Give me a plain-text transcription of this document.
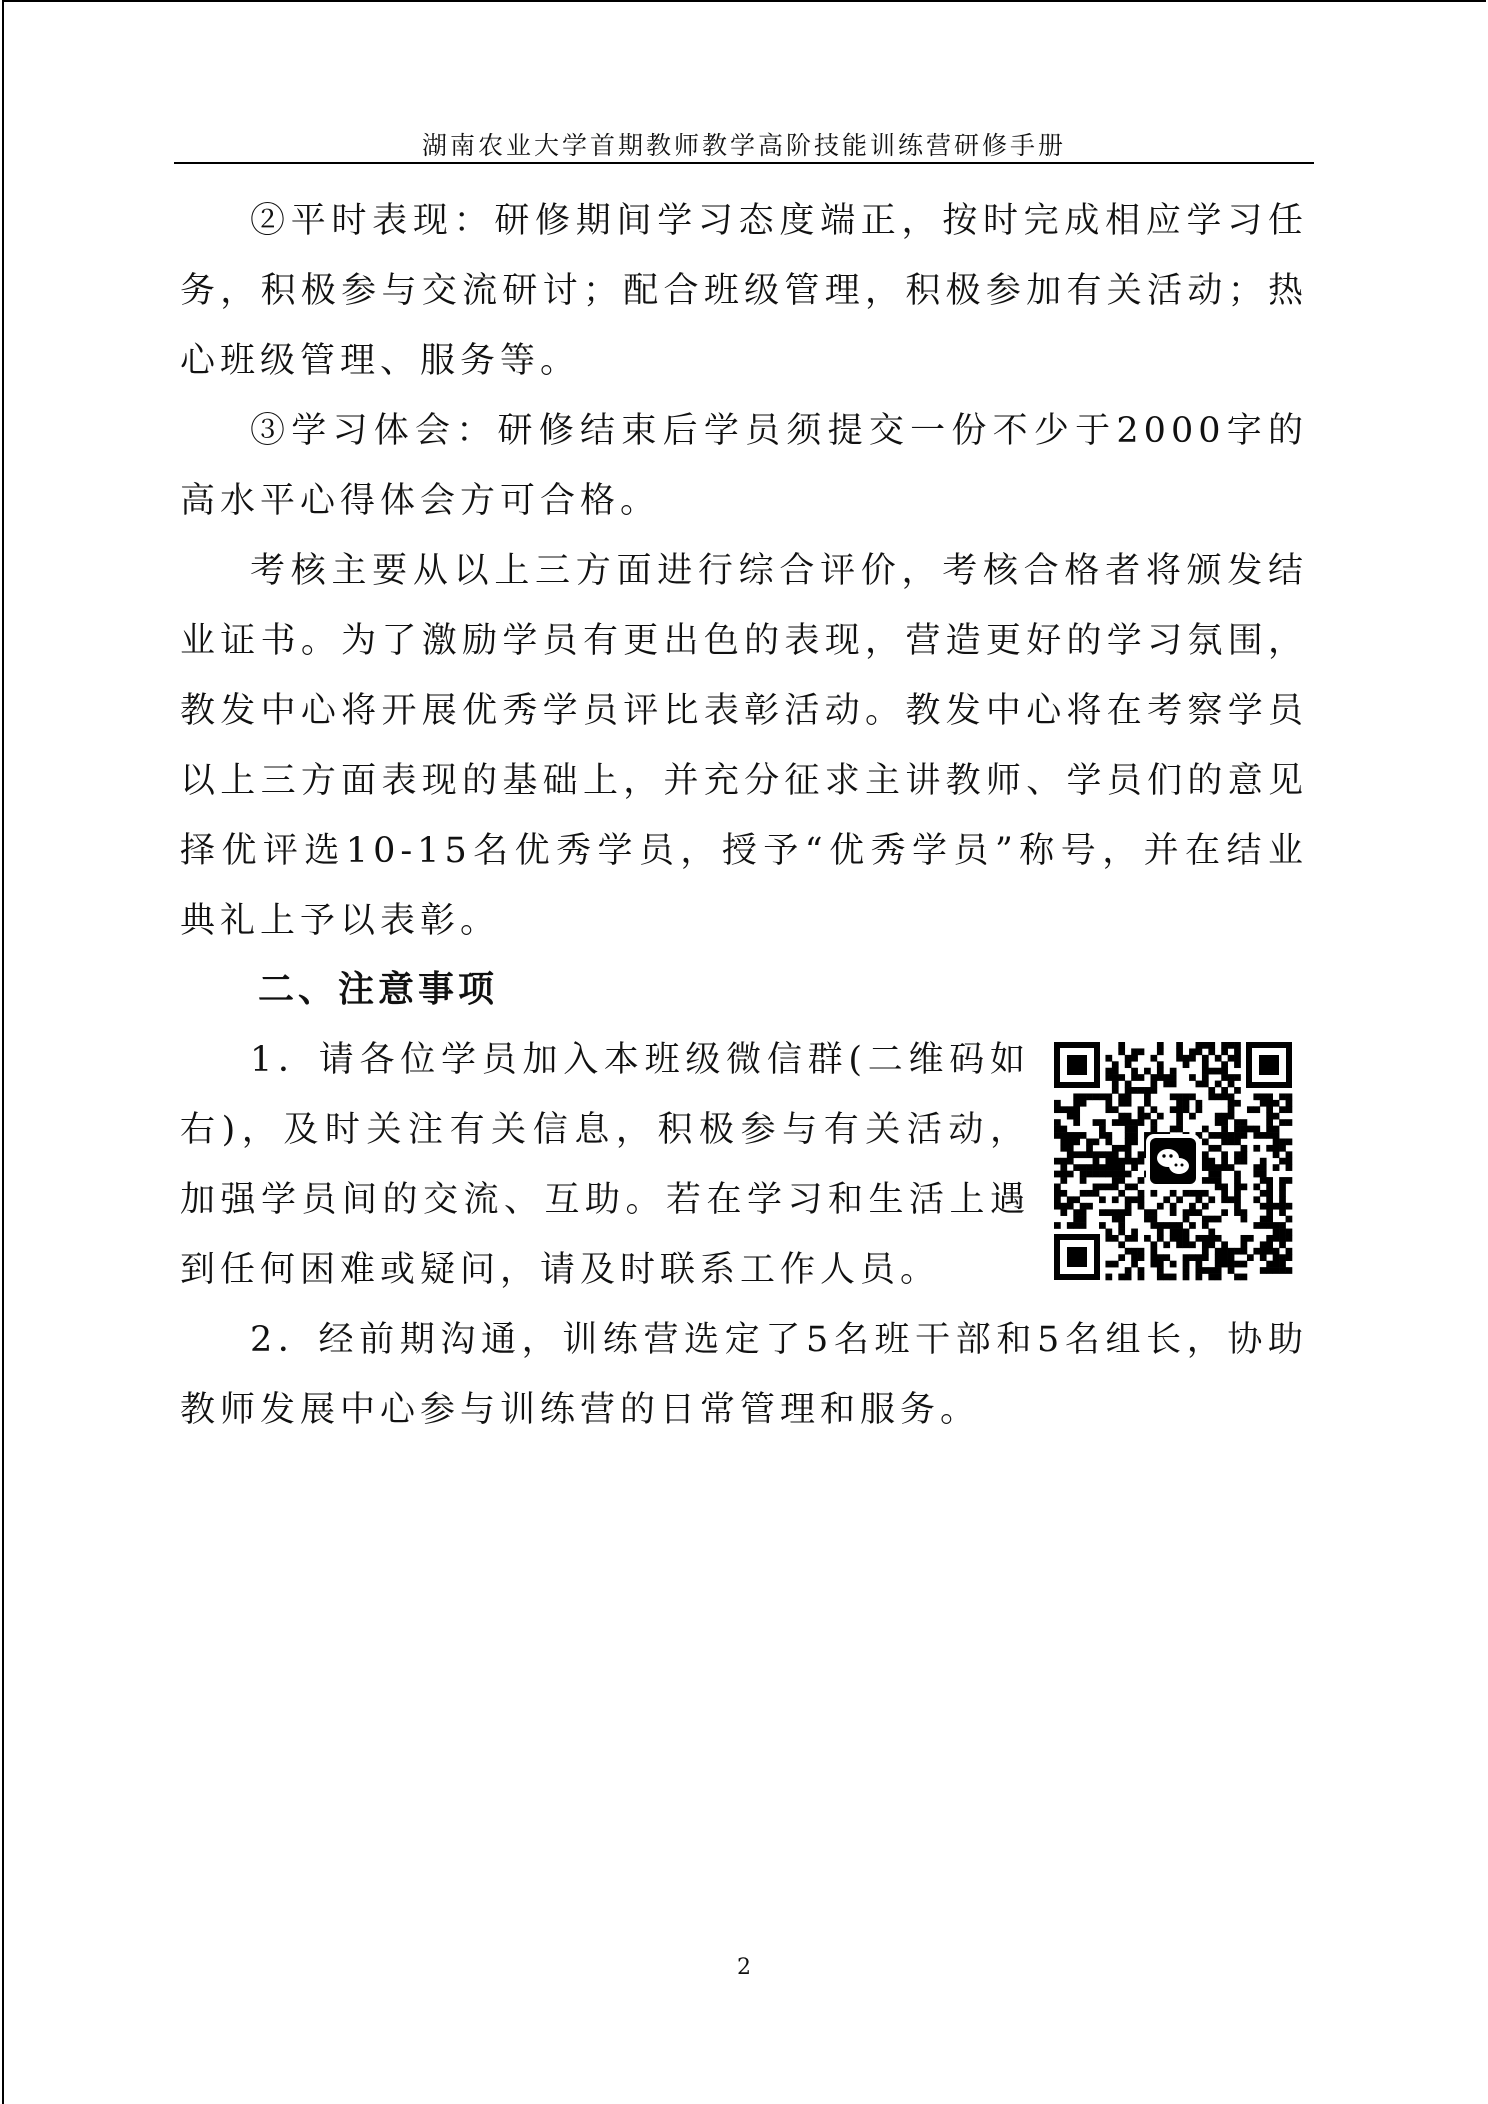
湖南农业大学首期教师教学高阶技能训练营研修手册

②平时表现：研修期间学习态度端正，按时完成相应学习任务，积极参与交流研讨；配合班级管理，积极参加有关活动；热心班级管理、服务等。

③学习体会：研修结束后学员须提交一份不少于2000字的高水平心得体会方可合格。

考核主要从以上三方面进行综合评价，考核合格者将颁发结业证书。为了激励学员有更出色的表现，营造更好的学习氛围，教发中心将开展优秀学员评比表彰活动。教发中心将在考察学员以上三方面表现的基础上，并充分征求主讲教师、学员们的意见择优评选10-15名优秀学员，授予“优秀学员”称号，并在结业典礼上予以表彰。

二、注意事项

1．请各位学员加入本班级微信群(二维码如右)，及时关注有关信息，积极参与有关活动，加强学员间的交流、互助。若在学习和生活上遇到任何困难或疑问，请及时联系工作人员。

2．经前期沟通，训练营选定了5名班干部和5名组长，协助教师发展中心参与训练营的日常管理和服务。

2
